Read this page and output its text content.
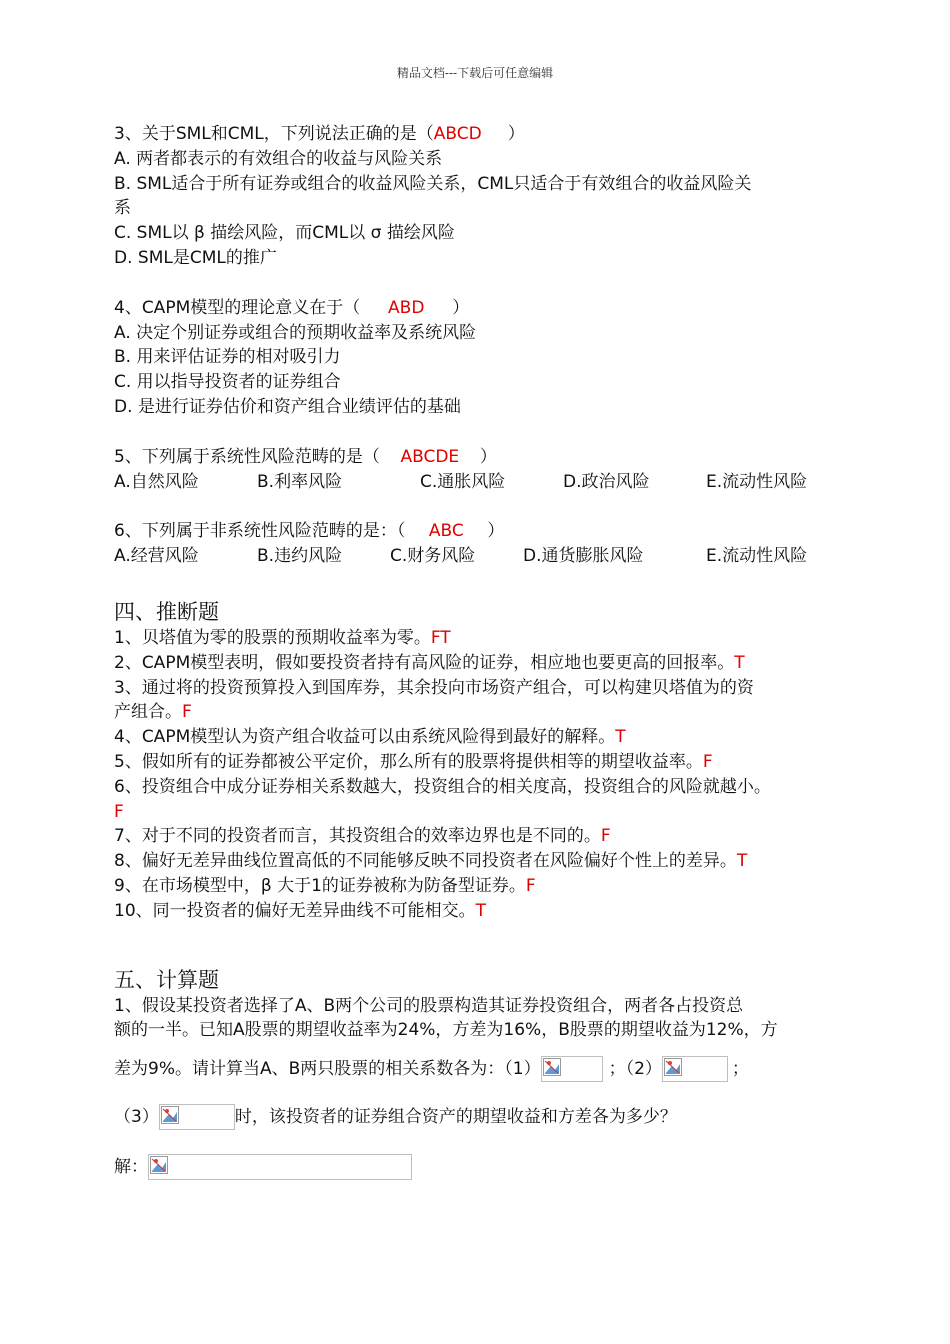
精品文档---下载后可任意编辑
3、关于SML和CML，下列说法正确的是（ABCD ）
A. 两者都表示的有效组合的收益与风险关系
B. SML适合于所有证券或组合的收益风险关系，CML只适合于有效组合的收益风险关
系
C. SML以 β 描绘风险，而CML以 σ 描绘风险
D. SML是CML的推广
4、CAPM模型的理论意义在于（ ABD ）
A. 决定个别证券或组合的预期收益率及系统风险
B. 用来评估证券的相对吸引力
C. 用以指导投资者的证券组合
D. 是进行证券估价和资产组合业绩评估的基础
5、下列属于系统性风险范畴的是（ ABCDE ）
A.自然风险	B.利率风险	C.通胀风险	D.政治风险	E.流动性风险
6、下列属于非系统性风险范畴的是：（ ABC ）
A.经营风险	B.违约风险	C.财务风险	D.通货膨胀风险	E.流动性风险
四、推断题
1、贝塔值为零的股票的预期收益率为零。FT
2、CAPM模型表明，假如要投资者持有高风险的证券，相应地也要更高的回报率。T
3、通过将的投资预算投入到国库券，其余投向市场资产组合，可以构建贝塔值为的资
产组合。F
4、CAPM模型认为资产组合收益可以由系统风险得到最好的解释。T
5、假如所有的证券都被公平定价，那么所有的股票将提供相等的期望收益率。F
6、投资组合中成分证券相关系数越大，投资组合的相关度高，投资组合的风险就越小。
F
7、对于不同的投资者而言，其投资组合的效率边界也是不同的。F
8、偏好无差异曲线位置高低的不同能够反映不同投资者在风险偏好个性上的差异。T
9、在市场模型中，β 大于1的证券被称为防备型证券。F
10、同一投资者的偏好无差异曲线不可能相交。T
五、计算题
1、假设某投资者选择了A、B两个公司的股票构造其证券投资组合，两者各占投资总
额的一半。已知A股票的期望收益率为24%，方差为16%，B股票的期望收益为12%，方
差为9%。请计算当A、B两只股票的相关系数各为：（1）	；（2）	；
（3）	时，该投资者的证券组合资产的期望收益和方差各为多少？
解：
